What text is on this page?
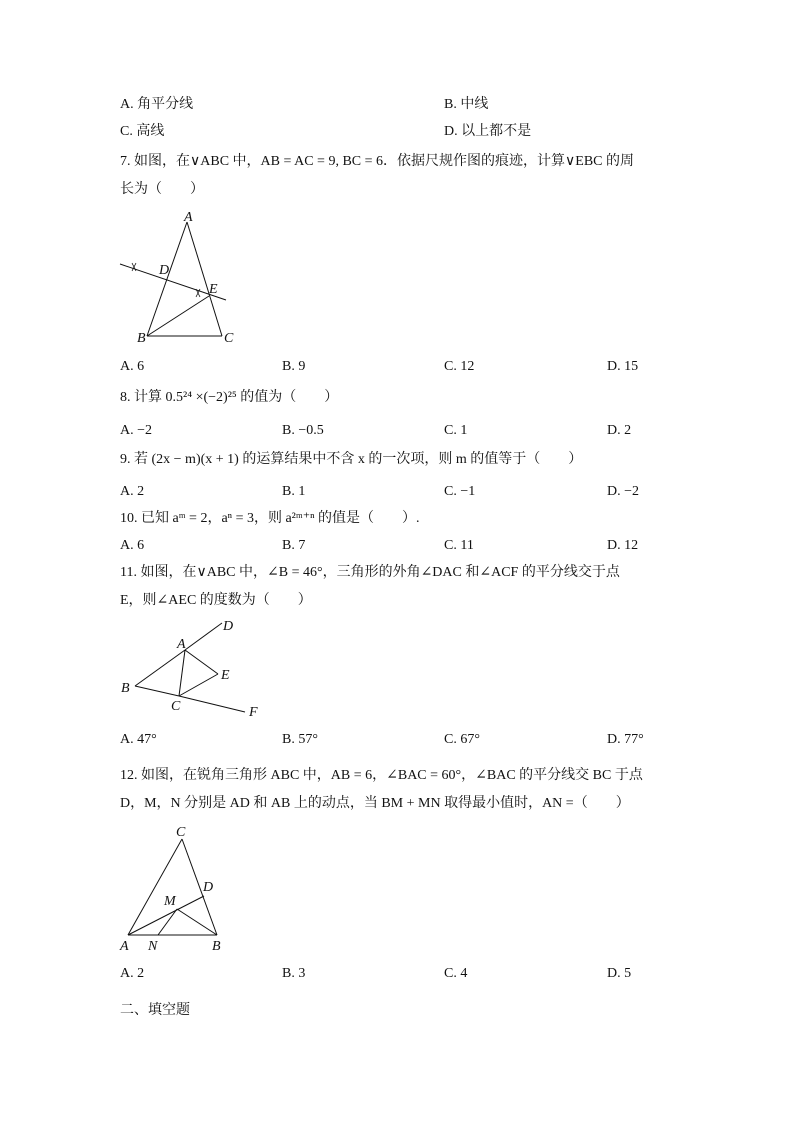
A. 角平分线	B. 中线
C. 高线	D. 以上都不是
7. 如图，在∨ABC 中，AB = AC = 9, BC = 6．依据尺规作图的痕迹，计算∨EBC 的周
长为（　　）
A
D
E
B	C
A. 6	B. 9	C. 12	D. 15
8. 计算 0.5²⁴ ×(−2)²⁵ 的值为（　　）
A. −2	B. −0.5	C. 1	D. 2
9. 若 (2x − m)(x + 1) 的运算结果中不含 x 的一次项，则 m 的值等于（　　）
A. 2	B. 1	C. −1	D. −2
10. 已知 aᵐ = 2，aⁿ = 3，则 a²ᵐ⁺ⁿ 的值是（　　）.
A. 6	B. 7	C. 11	D. 12
11. 如图，在∨ABC 中，∠B = 46°，三角形的外角∠DAC 和∠ACF 的平分线交于点
E，则∠AEC 的度数为（　　）
A
D
E
B
C	F
A. 47°	B. 57°	C. 67°	D. 77°
12. 如图，在锐角三角形 ABC 中，AB = 6，∠BAC = 60°，∠BAC 的平分线交 BC 于点
D，M，N 分别是 AD 和 AB 上的动点，当 BM + MN 取得最小值时，AN =（　　）
C
D
M
A N	B
A. 2	B. 3	C. 4	D. 5
二、填空题
